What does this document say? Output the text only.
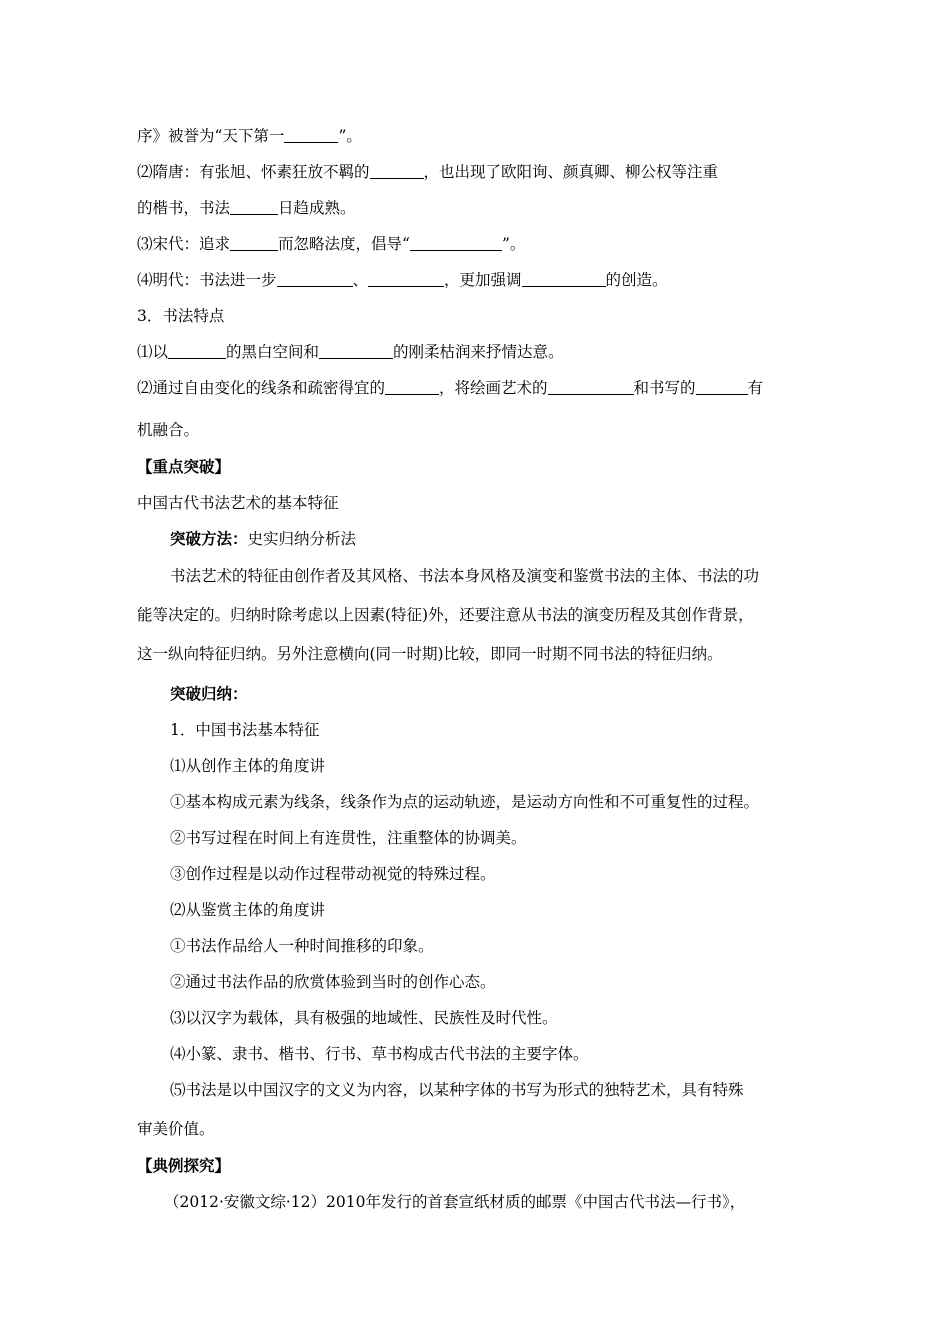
序》被誉为“天下第一	”。
⑵隋唐：有张旭、怀素狂放不羁的	，也出现了欧阳询、颜真卿、柳公权等注重
的楷书，书法	日趋成熟。
⑶宋代：追求	而忽略法度，倡导“	”。
⑷明代：书法进一步	、	，更加强调	的创造。
3．书法特点
⑴以	的黑白空间和	的刚柔枯润来抒情达意。
⑵通过自由变化的线条和疏密得宜的	，将绘画艺术的	和书写的	有
机融合。
【重点突破】
中国古代书法艺术的基本特征
突破方法：史实归纳分析法
书法艺术的特征由创作者及其风格、书法本身风格及演变和鉴赏书法的主体、书法的功
能等决定的。归纳时除考虑以上因素(特征)外，还要注意从书法的演变历程及其创作背景，
这一纵向特征归纳。另外注意横向(同一时期)比较，即同一时期不同书法的特征归纳。
突破归纳：
1．中国书法基本特征
⑴从创作主体的角度讲
①基本构成元素为线条，线条作为点的运动轨迹，是运动方向性和不可重复性的过程。
②书写过程在时间上有连贯性，注重整体的协调美。
③创作过程是以动作过程带动视觉的特殊过程。
⑵从鉴赏主体的角度讲
①书法作品给人一种时间推移的印象。
②通过书法作品的欣赏体验到当时的创作心态。
⑶以汉字为载体，具有极强的地域性、民族性及时代性。
⑷小篆、隶书、楷书、行书、草书构成古代书法的主要字体。
⑸书法是以中国汉字的文义为内容，以某种字体的书写为形式的独特艺术，具有特殊
审美价值。
【典例探究】
（2012·安徽文综·12）2010年发行的首套宣纸材质的邮票《中国古代书法—行书》，
